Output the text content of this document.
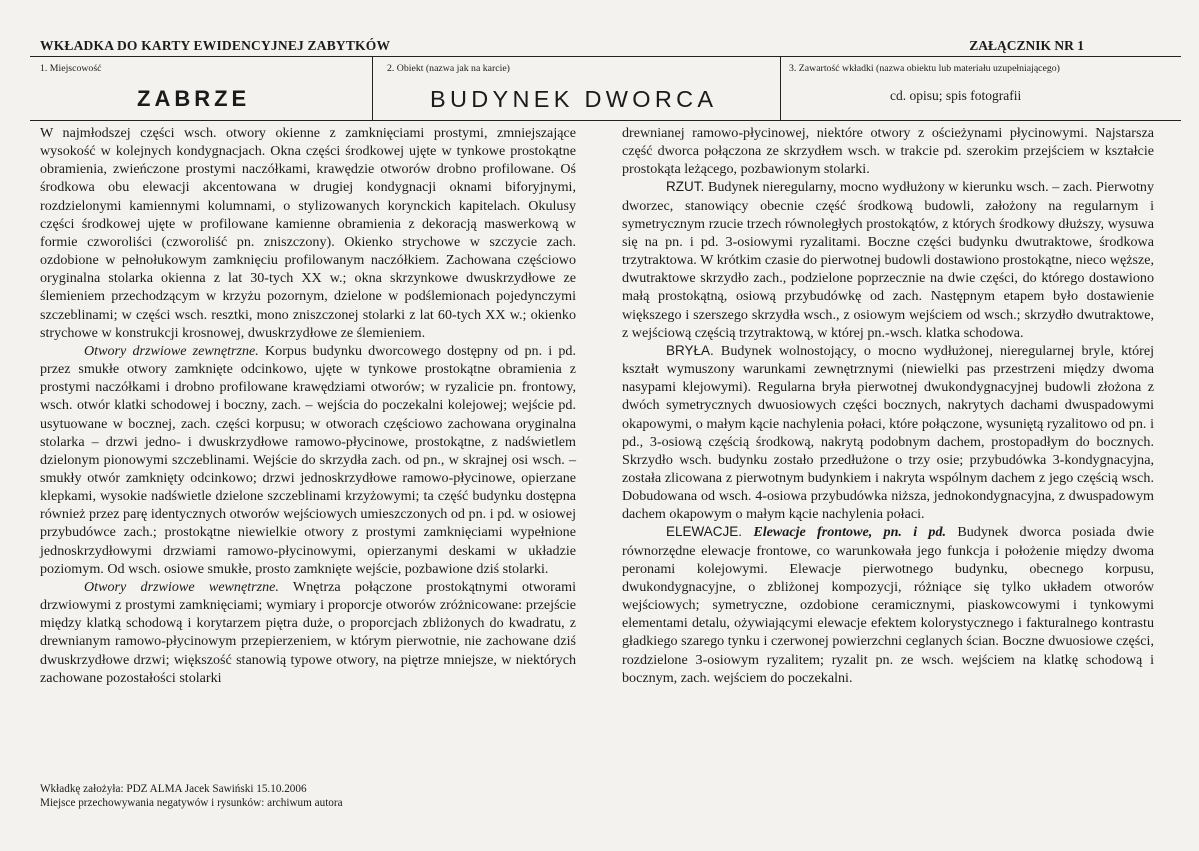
WKŁADKA DO KARTY EWIDENCYJNEJ ZABYTKÓW	ZAŁĄCZNIK NR 1
1. Miejscowość
ZABRZE
2. Obiekt (nazwa jak na karcie)
BUDYNEK DWORCA
3. Zawartość wkładki (nazwa obiektu lub materiału uzupełniającego)
cd. opisu; spis fotografii

W najmłodszej części wsch. otwory okienne z zamknięciami prostymi, zmniejszające wysokość w kolejnych kondygnacjach. Okna części środkowej ujęte w tynkowe prostokątne obramienia, zwieńczone prostymi naczółkami, krawędzie otworów drobno profilowane. Oś środkowa obu elewacji akcentowana w drugiej kondygnacji oknami biforyjnymi, rozdzielonymi kamiennymi kolumnami, o stylizowanych korynckich kapitelach. Okulusy części środkowej ujęte w profilowane kamienne obramienia z dekoracją maswerkową w formie czworoliści (czworoliść pn. zniszczony). Okienko strychowe w szczycie zach. ozdobione w pełnołukowym zamknięciu profilowanym naczółkiem. Zachowana częściowo oryginalna stolarka okienna z lat 30-tych XX w.; okna skrzynkowe dwuskrzydłowe ze ślemieniem przechodzącym w krzyżu pozornym, dzielone w podślemionach pojedynczymi szczeblinami; w części wsch. resztki, mono zniszczonej stolarki z lat 60-tych XX w.; okienko strychowe w konstrukcji krosnowej, dwuskrzydłowe ze ślemieniem.

Otwory drzwiowe zewnętrzne. Korpus budynku dworcowego dostępny od pn. i pd. przez smukłe otwory zamknięte odcinkowo, ujęte w tynkowe prostokątne obramienia z prostymi naczółkami i drobno profilowane krawędziami otworów; w ryzalicie pn. frontowy, wsch. otwór klatki schodowej i boczny, zach. – wejścia do poczekalni kolejowej; wejście pd. usytuowane w bocznej, zach. części korpusu; w otworach częściowo zachowana oryginalna stolarka – drzwi jedno- i dwuskrzydłowe ramowo-płycinowe, prostokątne, z nadświetlem dzielonym pionowymi szczeblinami. Wejście do skrzydła zach. od pn., w skrajnej osi wsch. – smukły otwór zamknięty odcinkowo; drzwi jednoskrzydłowe ramowo-płycinowe, opierzane klepkami, wysokie nadświetle dzielone szczeblinami krzyżowymi; ta część budynku dostępna również przez parę identycznych otworów wejściowych umieszczonych od pn. i pd. w osiowej przybudówce zach.; prostokątne niewielkie otwory z prostymi zamknięciami wypełnione jednoskrzydłowymi drzwiami ramowo-płycinowymi, opierzanymi deskami w układzie poziomym. Od wsch. osiowe smukłe, prosto zamknięte wejście, pozbawione dziś stolarki.

Otwory drzwiowe wewnętrzne. Wnętrza połączone prostokątnymi otworami drzwiowymi z prostymi zamknięciami; wymiary i proporcje otworów zróżnicowane: przejście między klatką schodową i korytarzem piętra duże, o proporcjach zbliżonych do kwadratu, z drewnianym ramowo-płycinowym przepierzeniem, w którym pierwotnie, nie zachowane dziś dwuskrzydłowe drzwi; większość stanowią typowe otwory, na piętrze mniejsze, w niektórych zachowane pozostałości stolarki

drewnianej ramowo-płycinowej, niektóre otwory z ościeżynami płycinowymi. Najstarsza część dworca połączona ze skrzydłem wsch. w trakcie pd. szerokim przejściem w kształcie prostokąta leżącego, pozbawionym stolarki.

RZUT. Budynek nieregularny, mocno wydłużony w kierunku wsch. – zach. Pierwotny dworzec, stanowiący obecnie część środkową budowli, założony na regularnym i symetrycznym rzucie trzech równoległych prostokątów, z których środkowy dłuższy, wysuwa się na pn. i pd. 3-osiowymi ryzalitami. Boczne części budynku dwutraktowe, środkowa trzytraktowa. W krótkim czasie do pierwotnej budowli dostawiono prostokątne, nieco węższe, dwutraktowe skrzydło zach., podzielone poprzecznie na dwie części, do którego dostawiono małą prostokątną, osiową przybudówkę od zach. Następnym etapem było dostawienie większego i szerszego skrzydła wsch., z osiowym wejściem od wsch.; skrzydło dwutraktowe, z wejściową częścią trzytraktową, w której pn.-wsch. klatka schodowa.

BRYŁA. Budynek wolnostojący, o mocno wydłużonej, nieregularnej bryle, której kształt wymuszony warunkami zewnętrznymi (niewielki pas przestrzeni między dwoma nasypami klejowymi). Regularna bryła pierwotnej dwukondygnacyjnej budowli złożona z dwóch symetrycznych dwuosiowych części bocznych, nakrytych dachami dwuspadowymi okapowymi, o małym kącie nachylenia połaci, które połączone, wysuniętą ryzalitowo od pn. i pd., 3-osiową częścią środkową, nakrytą podobnym dachem, prostopadłym do bocznych. Skrzydło wsch. budynku zostało przedłużone o trzy osie; przybudówka 3-kondygnacyjna, została zlicowana z pierwotnym budynkiem i nakryta wspólnym dachem z jego częścią wsch. Dobudowana od wsch. 4-osiowa przybudówka niższa, jednokondygnacyjna, z dwuspadowym dachem okapowym o małym kącie nachylenia połaci.

ELEWACJE. Elewacje frontowe, pn. i pd. Budynek dworca posiada dwie równorzędne elewacje frontowe, co warunkowała jego funkcja i położenie między dwoma peronami kolejowymi. Elewacje pierwotnego budynku, obecnego korpusu, dwukondygnacyjne, o zbliżonej kompozycji, różniące się tylko układem otworów wejściowych; symetryczne, ozdobione ceramicznymi, piaskowcowymi i tynkowymi elementami detalu, ożywiającymi elewacje efektem kolorystycznego i fakturalnego kontrastu gładkiego szarego tynku i czerwonej powierzchni ceglanych ścian. Boczne dwuosiowe części, rozdzielone 3-osiowym ryzalitem; ryzalit pn. ze wsch. wejściem na klatkę schodową i bocznym, zach. wejściem do poczekalni.

Wkładkę założyła: PDZ ALMA Jacek Sawiński 15.10.2006
Miejsce przechowywania negatywów i rysunków: archiwum autora
